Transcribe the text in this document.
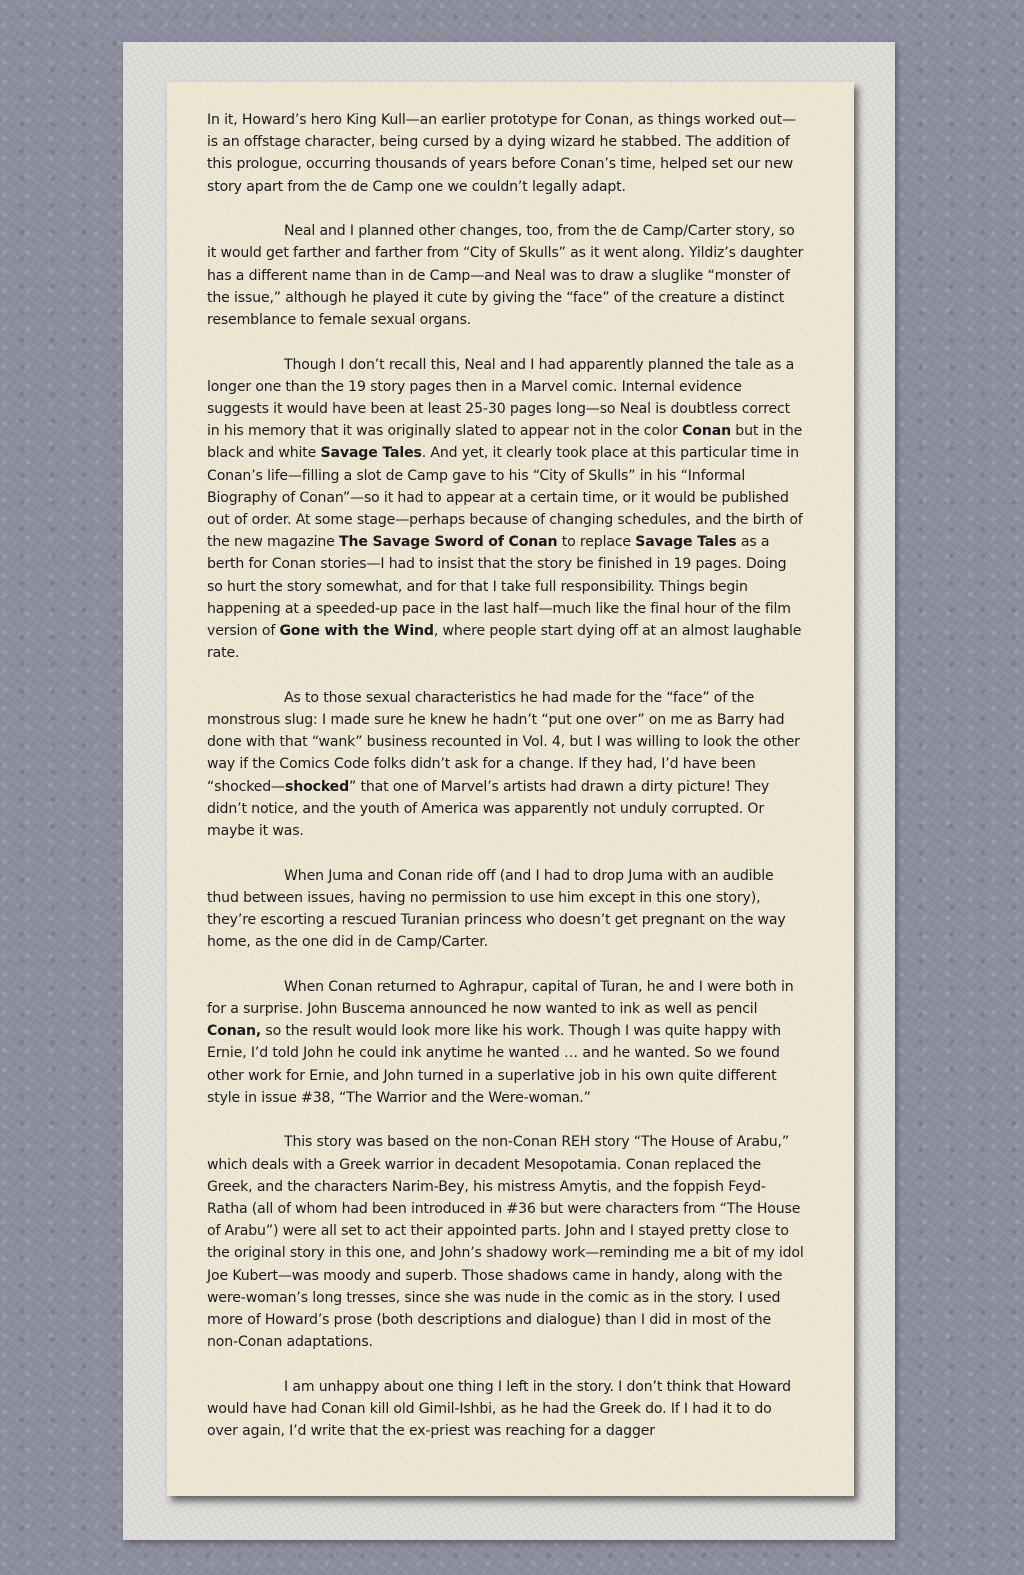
In it, Howard’s hero King Kull—an earlier prototype for Conan, as things worked out—is an offstage character, being cursed by a dying wizard he stabbed. The addition of this prologue, occurring thousands of years before Conan’s time, helped set our new story apart from the de Camp one we couldn’t legally adapt.

Neal and I planned other changes, too, from the de Camp/Carter story, so it would get farther and farther from “City of Skulls” as it went along. Yildiz’s daughter has a different name than in de Camp—and Neal was to draw a sluglike “monster of the issue,” although he played it cute by giving the “face” of the creature a distinct resemblance to female sexual organs.

Though I don’t recall this, Neal and I had apparently planned the tale as a longer one than the 19 story pages then in a Marvel comic. Internal evidence suggests it would have been at least 25-30 pages long—so Neal is doubtless correct in his memory that it was originally slated to appear not in the color Conan but in the black and white Savage Tales. And yet, it clearly took place at this particular time in Conan’s life—filling a slot de Camp gave to his “City of Skulls” in his “Informal Biography of Conan”—so it had to appear at a certain time, or it would be published out of order. At some stage—perhaps because of changing schedules, and the birth of the new magazine The Savage Sword of Conan to replace Savage Tales as a berth for Conan stories—I had to insist that the story be finished in 19 pages. Doing so hurt the story somewhat, and for that I take full responsibility. Things begin happening at a speeded-up pace in the last half—much like the final hour of the film version of Gone with the Wind, where people start dying off at an almost laughable rate.

As to those sexual characteristics he had made for the “face” of the monstrous slug: I made sure he knew he hadn’t “put one over” on me as Barry had done with that “wank” business recounted in Vol. 4, but I was willing to look the other way if the Comics Code folks didn’t ask for a change. If they had, I’d have been “shocked—shocked” that one of Marvel’s artists had drawn a dirty picture! They didn’t notice, and the youth of America was apparently not unduly corrupted. Or maybe it was.

When Juma and Conan ride off (and I had to drop Juma with an audible thud between issues, having no permission to use him except in this one story), they’re escorting a rescued Turanian princess who doesn’t get pregnant on the way home, as the one did in de Camp/Carter.

When Conan returned to Aghrapur, capital of Turan, he and I were both in for a surprise. John Buscema announced he now wanted to ink as well as pencil Conan, so the result would look more like his work. Though I was quite happy with Ernie, I’d told John he could ink anytime he wanted … and he wanted. So we found other work for Ernie, and John turned in a superlative job in his own quite different style in issue #38, “The Warrior and the Were-woman.”

This story was based on the non-Conan REH story “The House of Arabu,” which deals with a Greek warrior in decadent Mesopotamia. Conan replaced the Greek, and the characters Narim-Bey, his mistress Amytis, and the foppish Feyd-Ratha (all of whom had been introduced in #36 but were characters from “The House of Arabu”) were all set to act their appointed parts. John and I stayed pretty close to the original story in this one, and John’s shadowy work—reminding me a bit of my idol Joe Kubert—was moody and superb. Those shadows came in handy, along with the were-woman’s long tresses, since she was nude in the comic as in the story. I used more of Howard’s prose (both descriptions and dialogue) than I did in most of the non-Conan adaptations.

I am unhappy about one thing I left in the story. I don’t think that Howard would have had Conan kill old Gimil-Ishbi, as he had the Greek do. If I had it to do over again, I’d write that the ex-priest was reaching for a dagger
